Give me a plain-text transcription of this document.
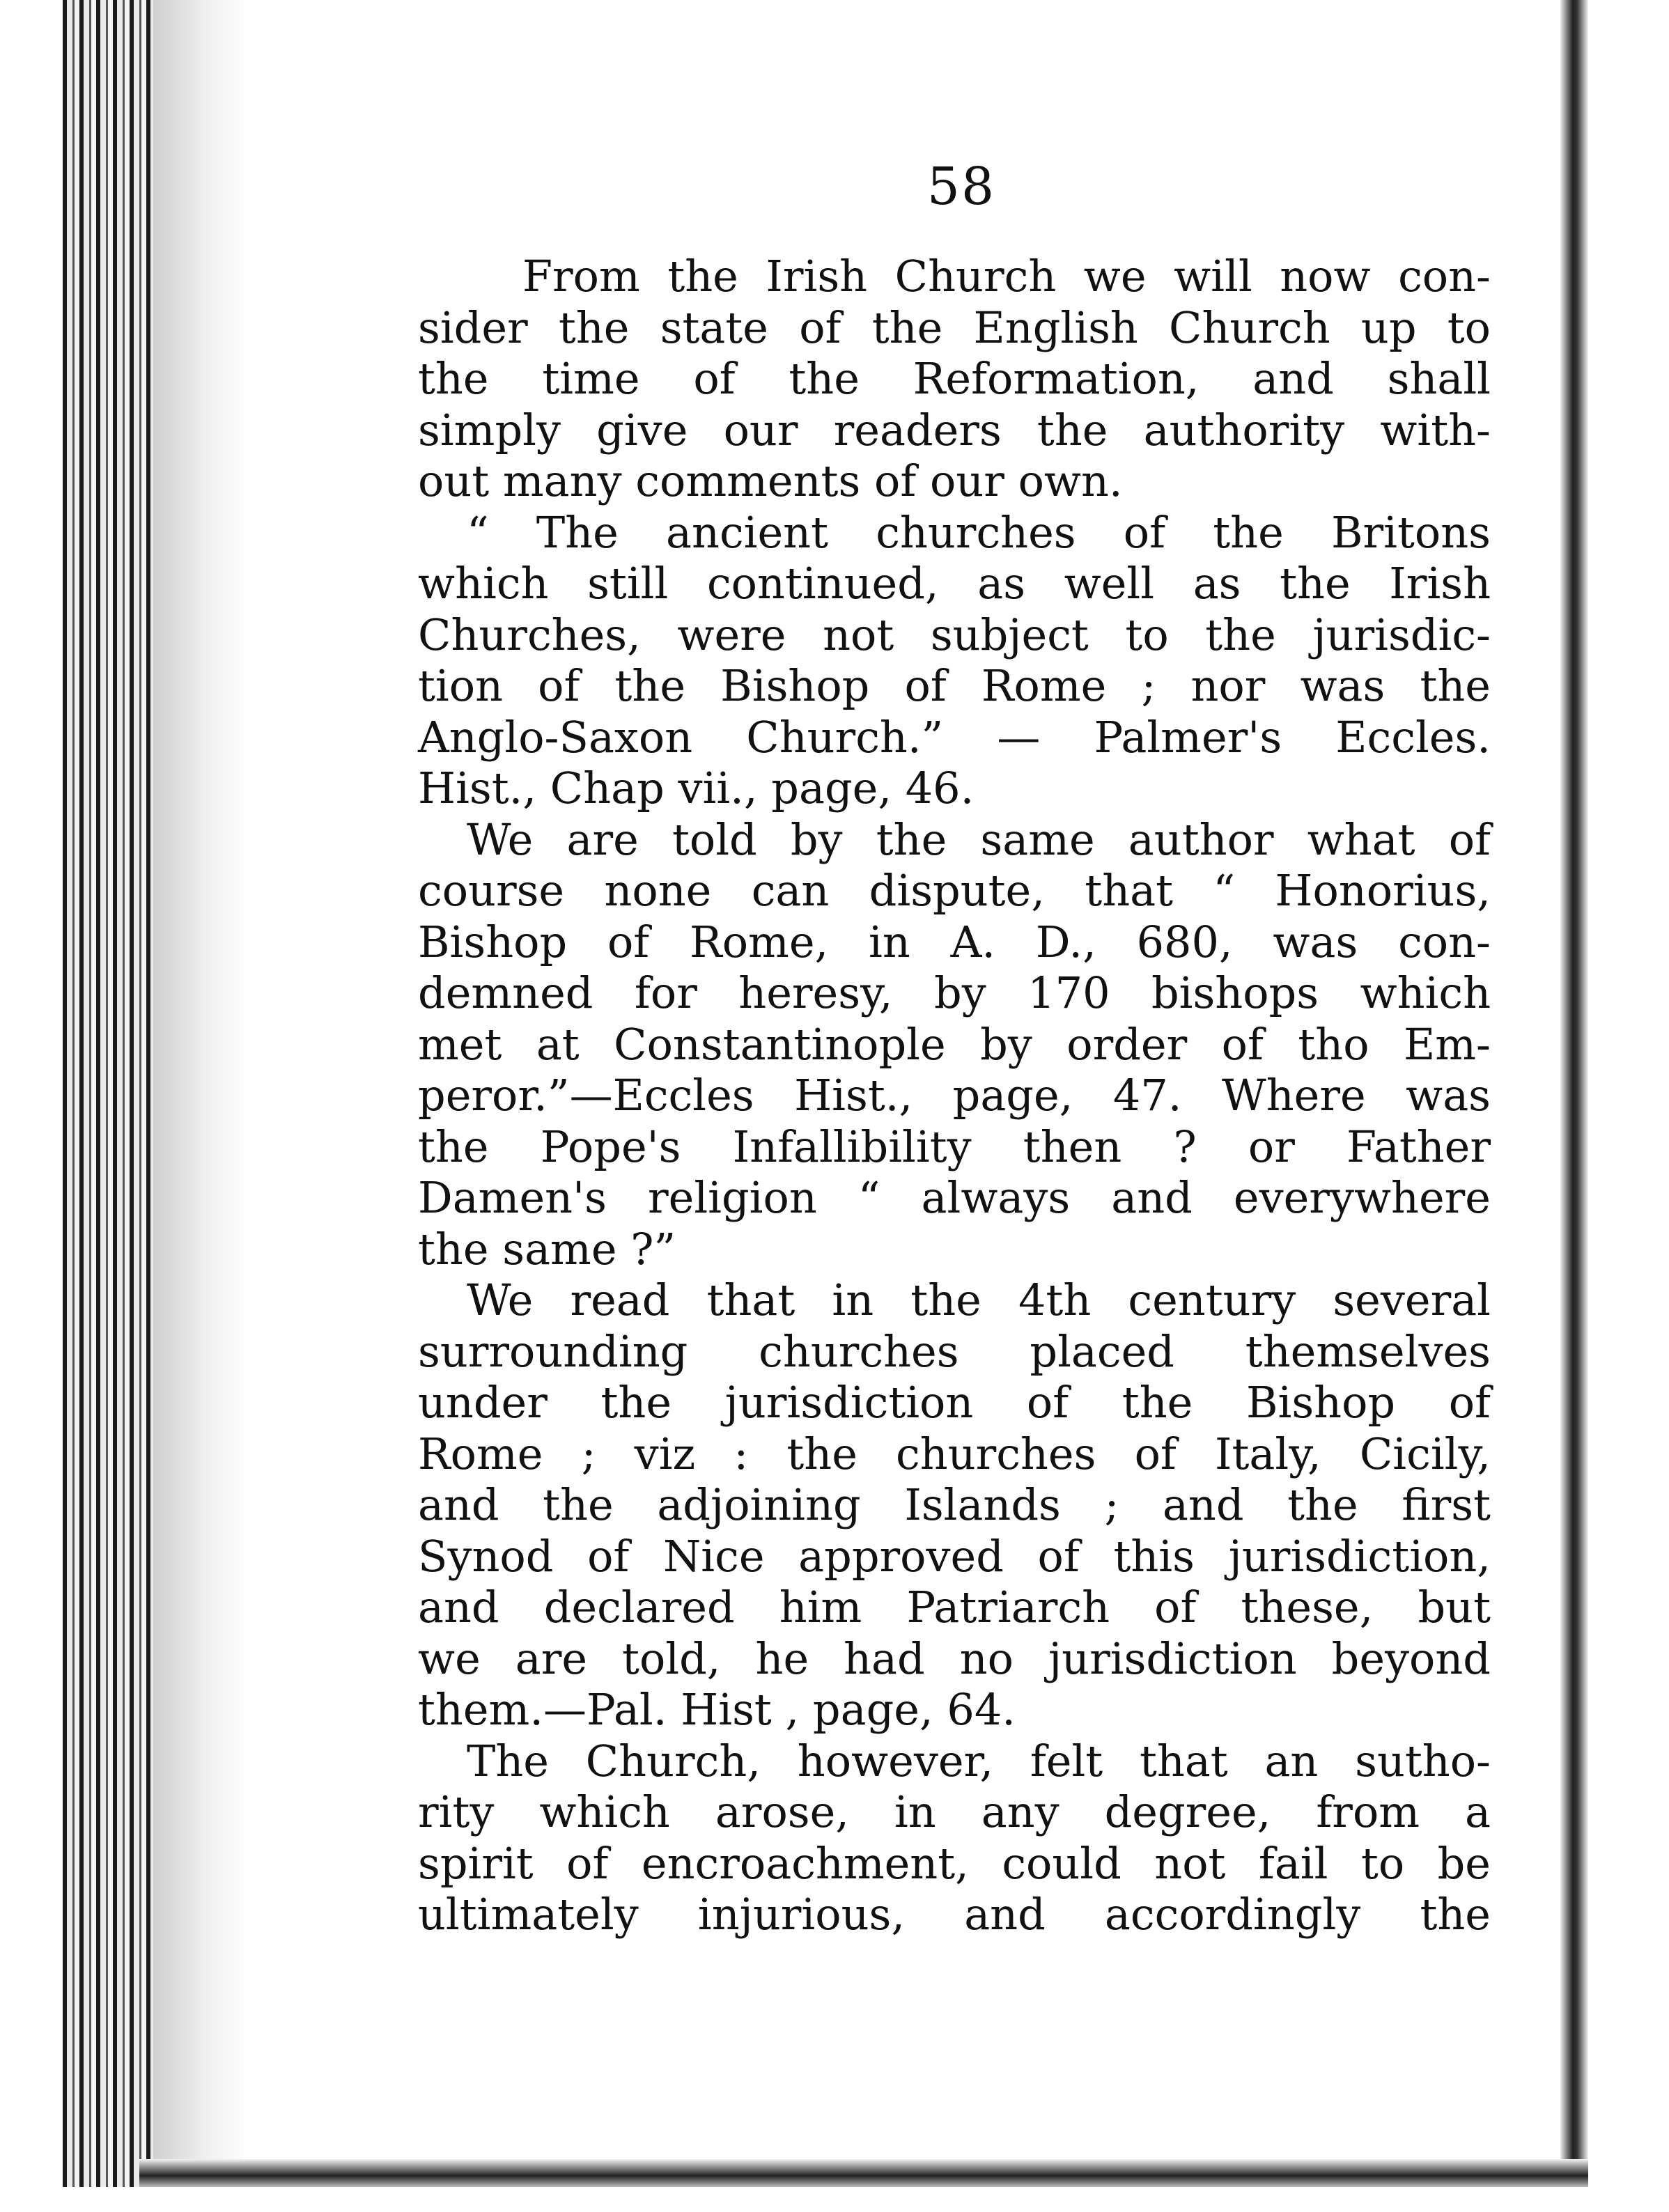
58
From the Irish Church we will now con-
sider the state of the English Church up to
the time of the Reformation, and shall
simply give our readers the authority with-
out many comments of our own.
“ The ancient churches of the Britons
which still continued, as well as the Irish
Churches, were not subject to the jurisdic-
tion of the Bishop of Rome ; nor was the
Anglo-Saxon Church.” — Palmer's Eccles.
Hist., Chap vii., page, 46.
We are told by the same author what of
course none can dispute, that “ Honorius,
Bishop of Rome, in A. D., 680, was con-
demned for heresy, by 170 bishops which
met at Constantinople by order of tho Em-
peror.”—Eccles Hist., page, 47. Where was
the Pope's Infallibility then ? or Father
Damen's religion “ always and everywhere
the same ?”
We read that in the 4th century several
surrounding churches placed themselves
under the jurisdiction of the Bishop of
Rome ; viz : the churches of Italy, Cicily,
and the adjoining Islands ; and the first
Synod of Nice approved of this jurisdiction,
and declared him Patriarch of these, but
we are told, he had no jurisdiction beyond
them.—Pal. Hist , page, 64.
The Church, however, felt that an sutho-
rity which arose, in any degree, from a
spirit of encroachment, could not fail to be
ultimately injurious, and accordingly the
